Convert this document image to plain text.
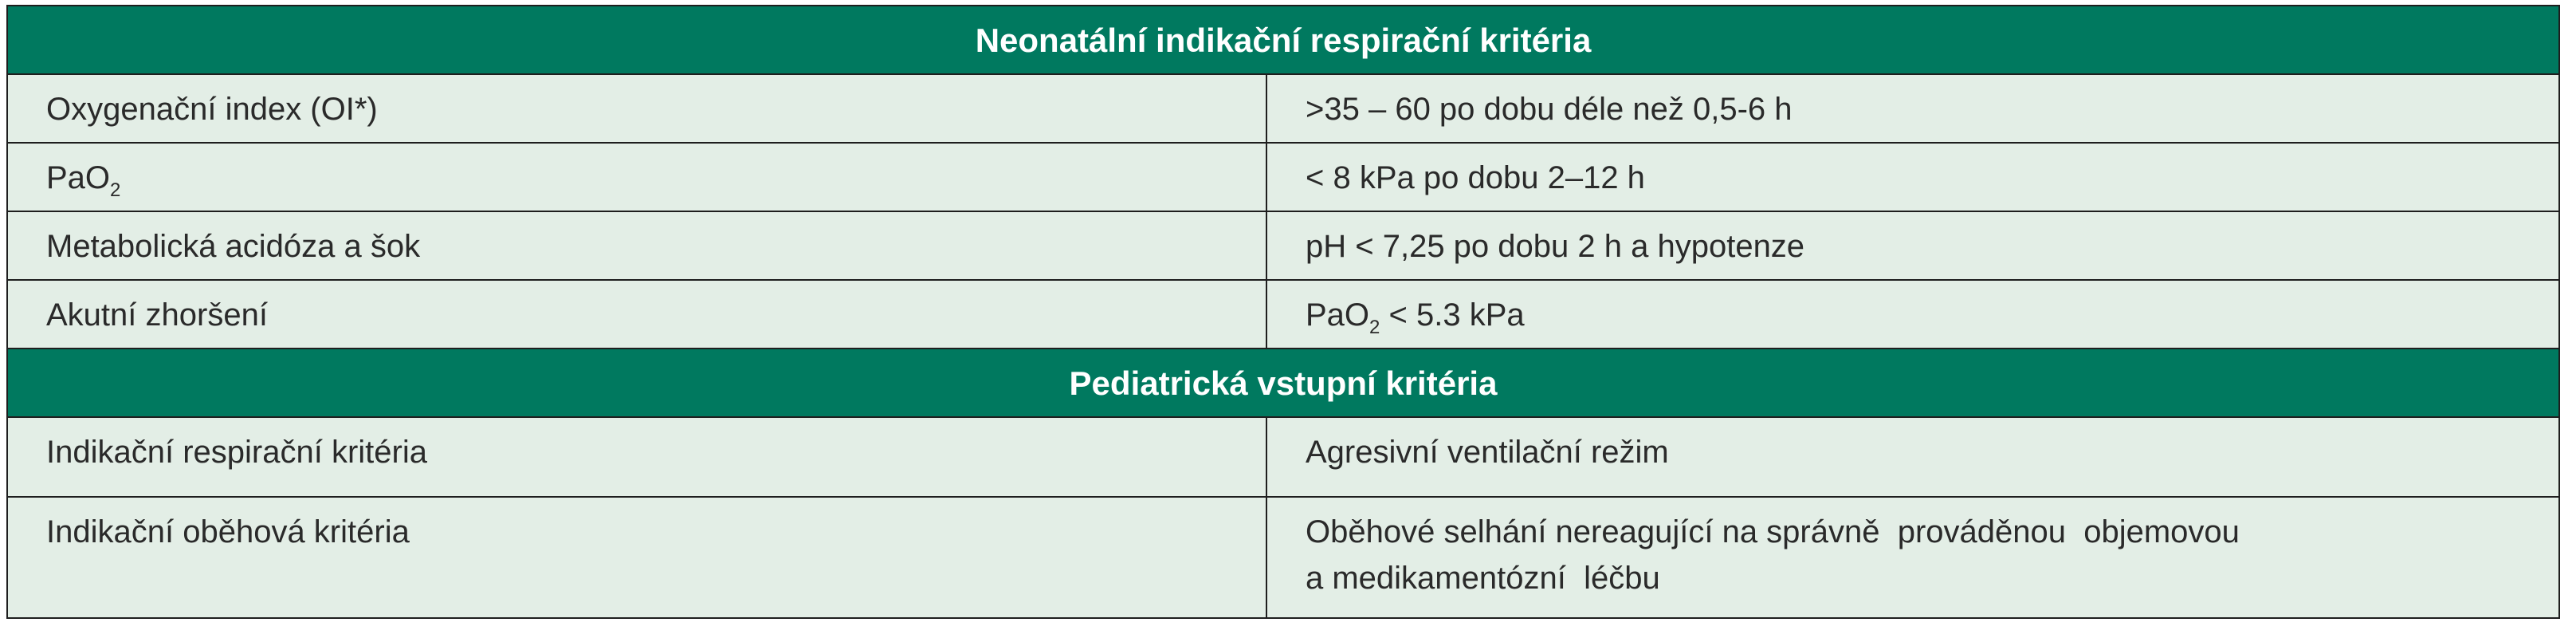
Neonatální indikační respirační kritéria
Oxygenační index (OI*)	>35 – 60 po dobu déle než 0,5-6 h
PaO$_2$	< 8 kPa po dobu 2–12 h
Metabolická acidóza a šok	pH < 7,25 po dobu 2 h a hypotenze
Akutní zhoršení	PaO$_2$ < 5.3 kPa
Pediatrická vstupní kritéria
Indikační respirační kritéria	Agresivní ventilační režim
Indikační oběhová kritéria	Oběhové selhání nereagující na správně  prováděnou  objemovou
a medikamentózní  léčbu
